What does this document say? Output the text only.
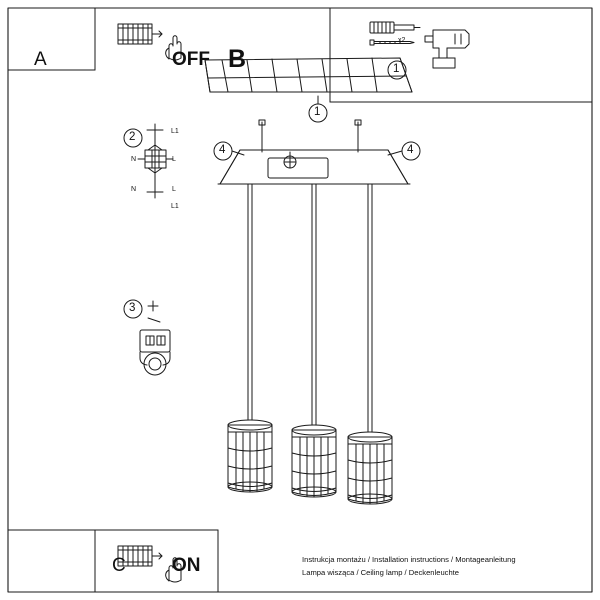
A	OFF B
C ON
2
3
1
1
4	4
x2
L1
N	L
N	L
L1
Instrukcja montażu / Installation instructions / Montageanleitung
Lampa wisząca / Ceiling lamp / Deckenleuchte
